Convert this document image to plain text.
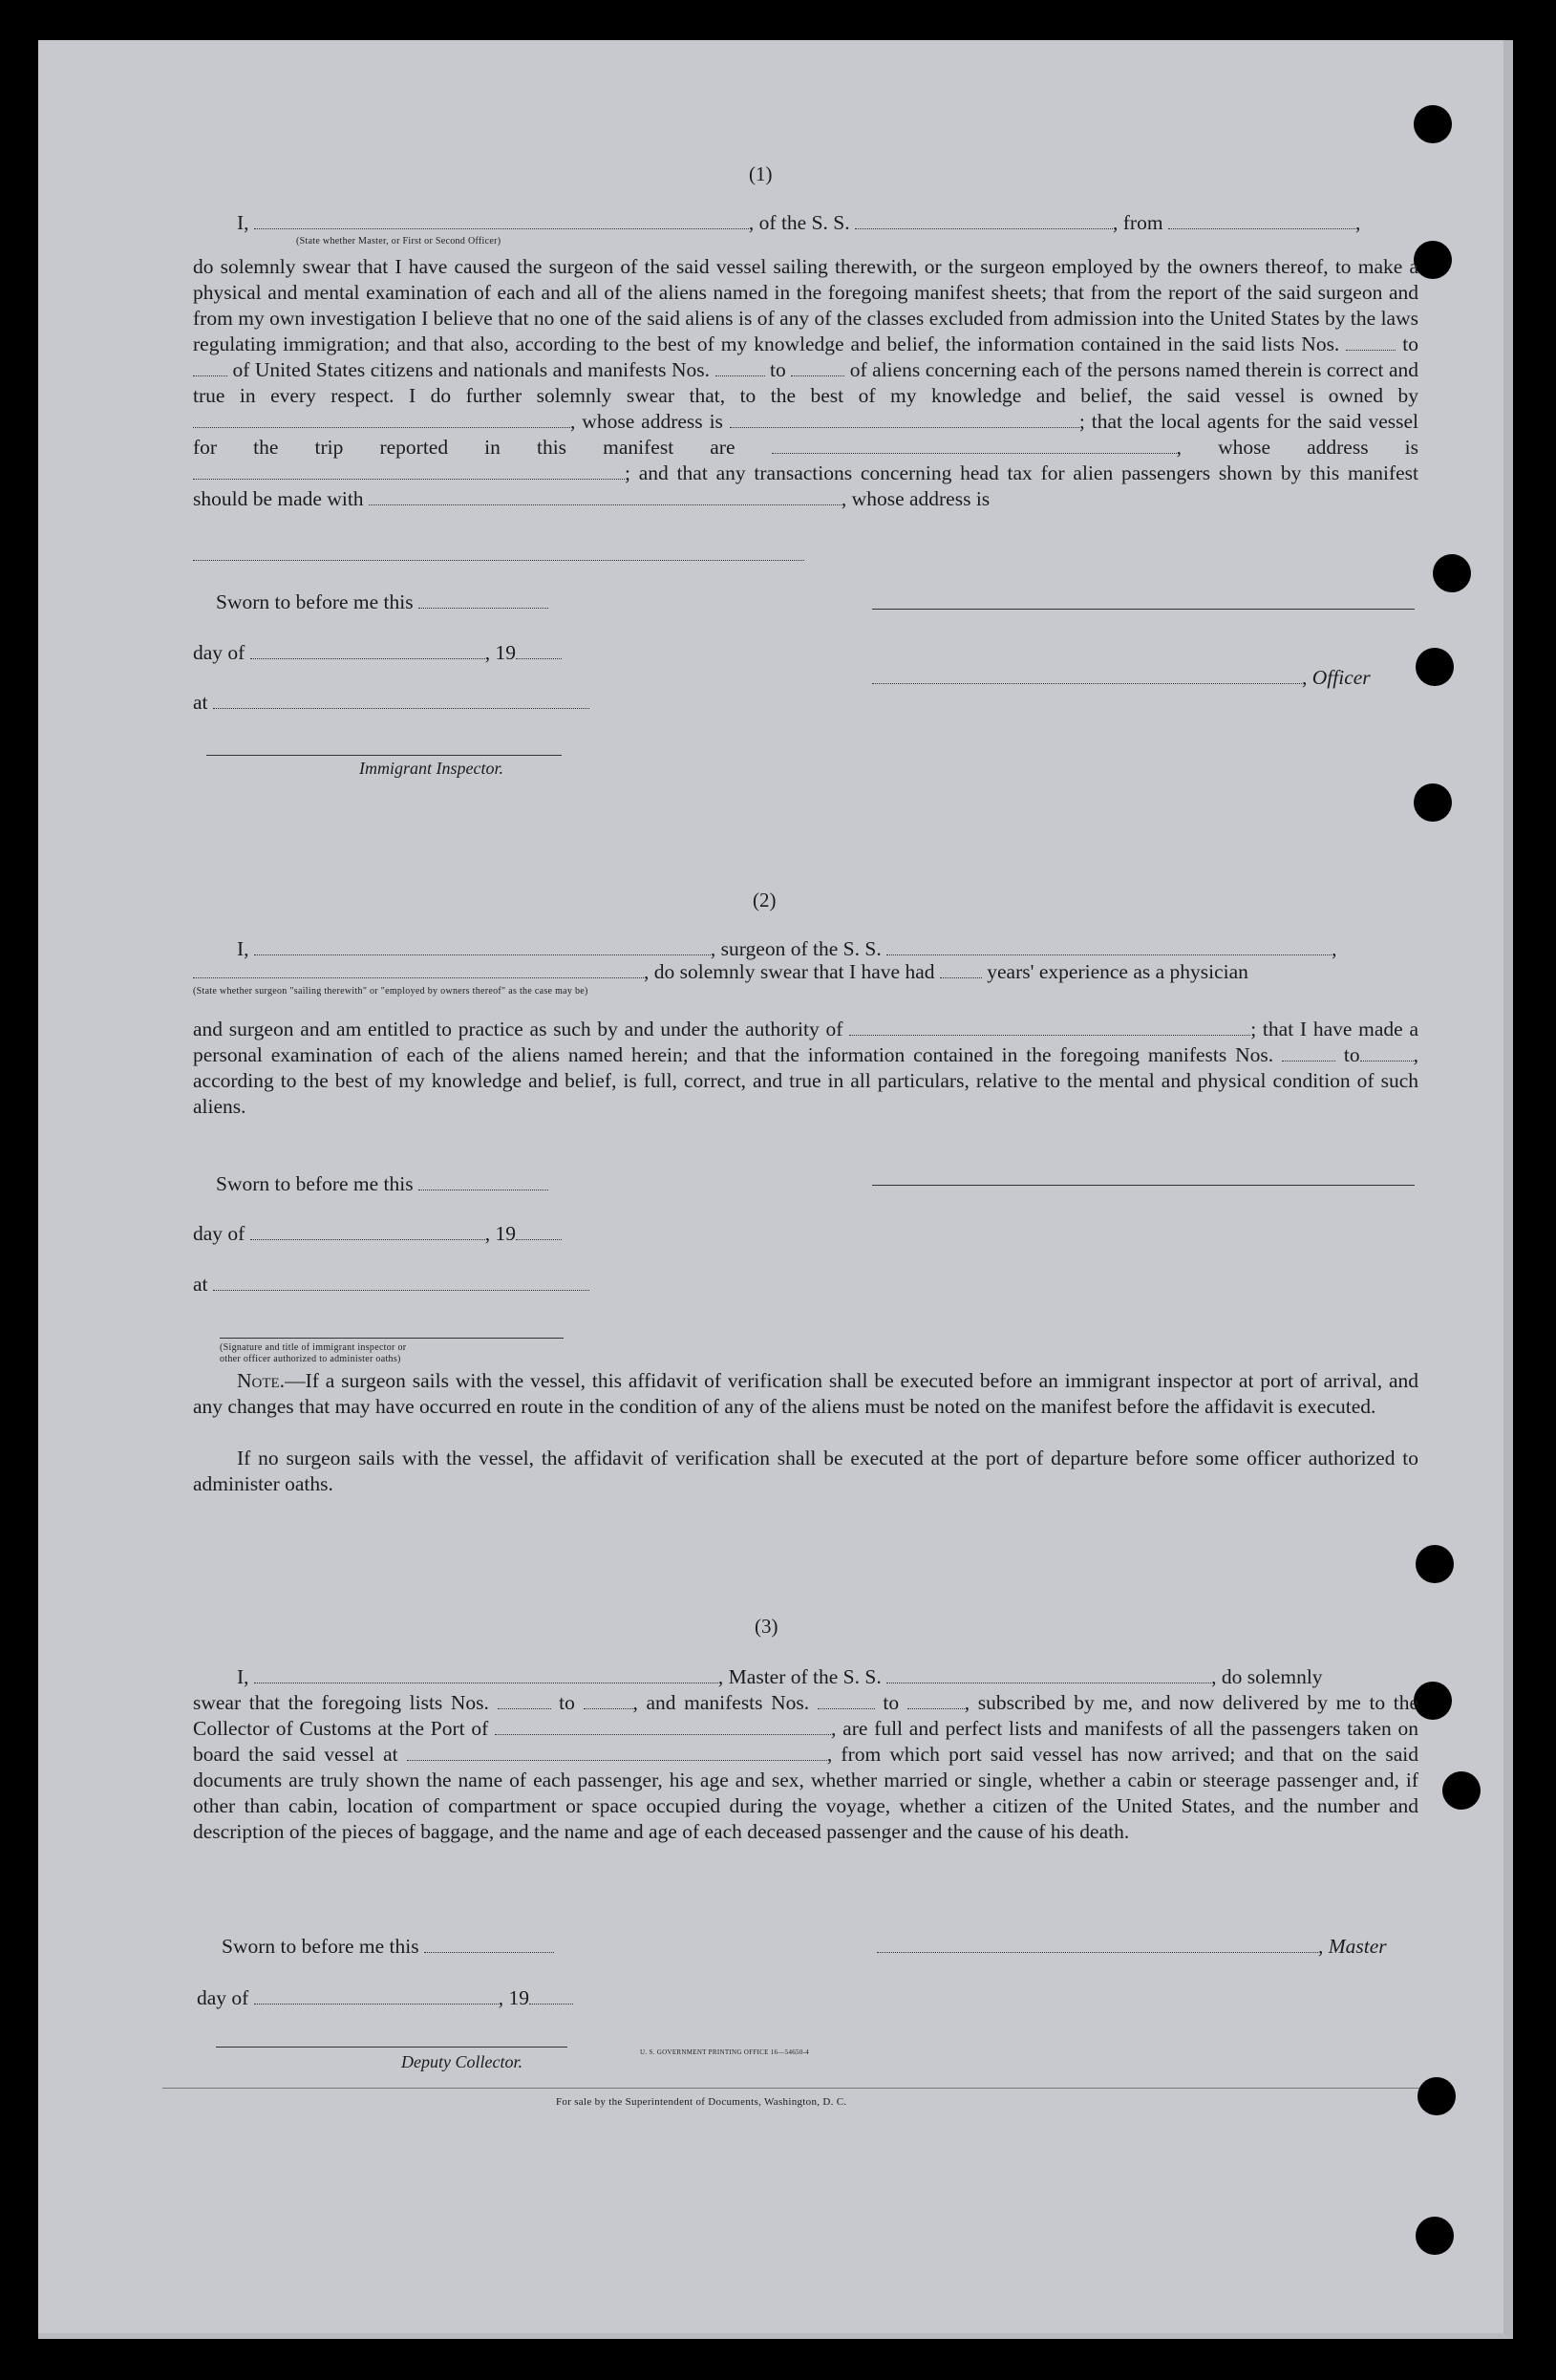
(1)
I,	, of the S. S.	, from	,
(State whether Master, or First or Second Officer)
do solemnly swear that I have caused the surgeon of the said vessel sailing therewith, or the surgeon employed by the owners thereof, to make a physical and mental examination of each and all of the aliens named in the foregoing manifest sheets; that from the report of the said surgeon and from my own investigation I believe that no one of the said aliens is of any of the classes excluded from admission into the United States by the laws regulating immigration; and that also, according to the best of my knowledge and belief, the information contained in the said lists Nos.	to  of United States citizens and nationals and manifests Nos.	to	of aliens concerning each of the persons named therein is correct and true in every respect. I do further solemnly swear that, to the best of my knowledge and belief, the said vessel is owned by , whose address is	; that the local agents for the said vessel for the trip reported in this manifest are	, whose address is ; and that any transactions concerning head tax for alien passengers shown by this manifest should be made with	, whose address is
Sworn to before me this
day of	, 19
, Officer
at
Immigrant Inspector.
(2)
I,	, surgeon of the S. S.	,
, do solemnly swear that I have had	years' experience as a physician
(State whether surgeon "sailing therewith" or "employed by owners thereof" as the case may be)
and surgeon and am entitled to practice as such by and under the authority of	; that I have made a personal examination of each of the aliens named herein; and that the information contained in the foregoing manifests Nos.	to	, according to the best of my knowledge and belief, is full, correct, and true in all particulars, relative to the mental and physical condition of such aliens.
Sworn to before me this
day of	, 19
at
(Signature and title of immigrant inspector or
other officer authorized to administer oaths)
Note.—If a surgeon sails with the vessel, this affidavit of verification shall be executed before an immigrant inspector at port of arrival, and any changes that may have occurred en route in the condition of any of the aliens must be noted on the manifest before the affidavit is executed.
If no surgeon sails with the vessel, the affidavit of verification shall be executed at the port of departure before some officer authorized to administer oaths.
(3)
I,	, Master of the S. S.	, do solemnly
swear that the foregoing lists Nos.	to	, and manifests Nos.	to	, subscribed by me, and now delivered by me to the Collector of Customs at the Port of	, are full and perfect lists and manifests of all the passengers taken on board the said vessel at	, from which port said vessel has now arrived; and that on the said documents are truly shown the name of each passenger, his age and sex, whether married or single, whether a cabin or steerage passenger and, if other than cabin, location of compartment or space occupied during the voyage, whether a citizen of the United States, and the number and description of the pieces of baggage, and the name and age of each deceased passenger and the cause of his death.
Sworn to before me this	, Master
day of	, 19
Deputy Collector.	U. S. GOVERNMENT PRINTING OFFICE 16—54650-4
For sale by the Superintendent of Documents, Washington, D. C.
